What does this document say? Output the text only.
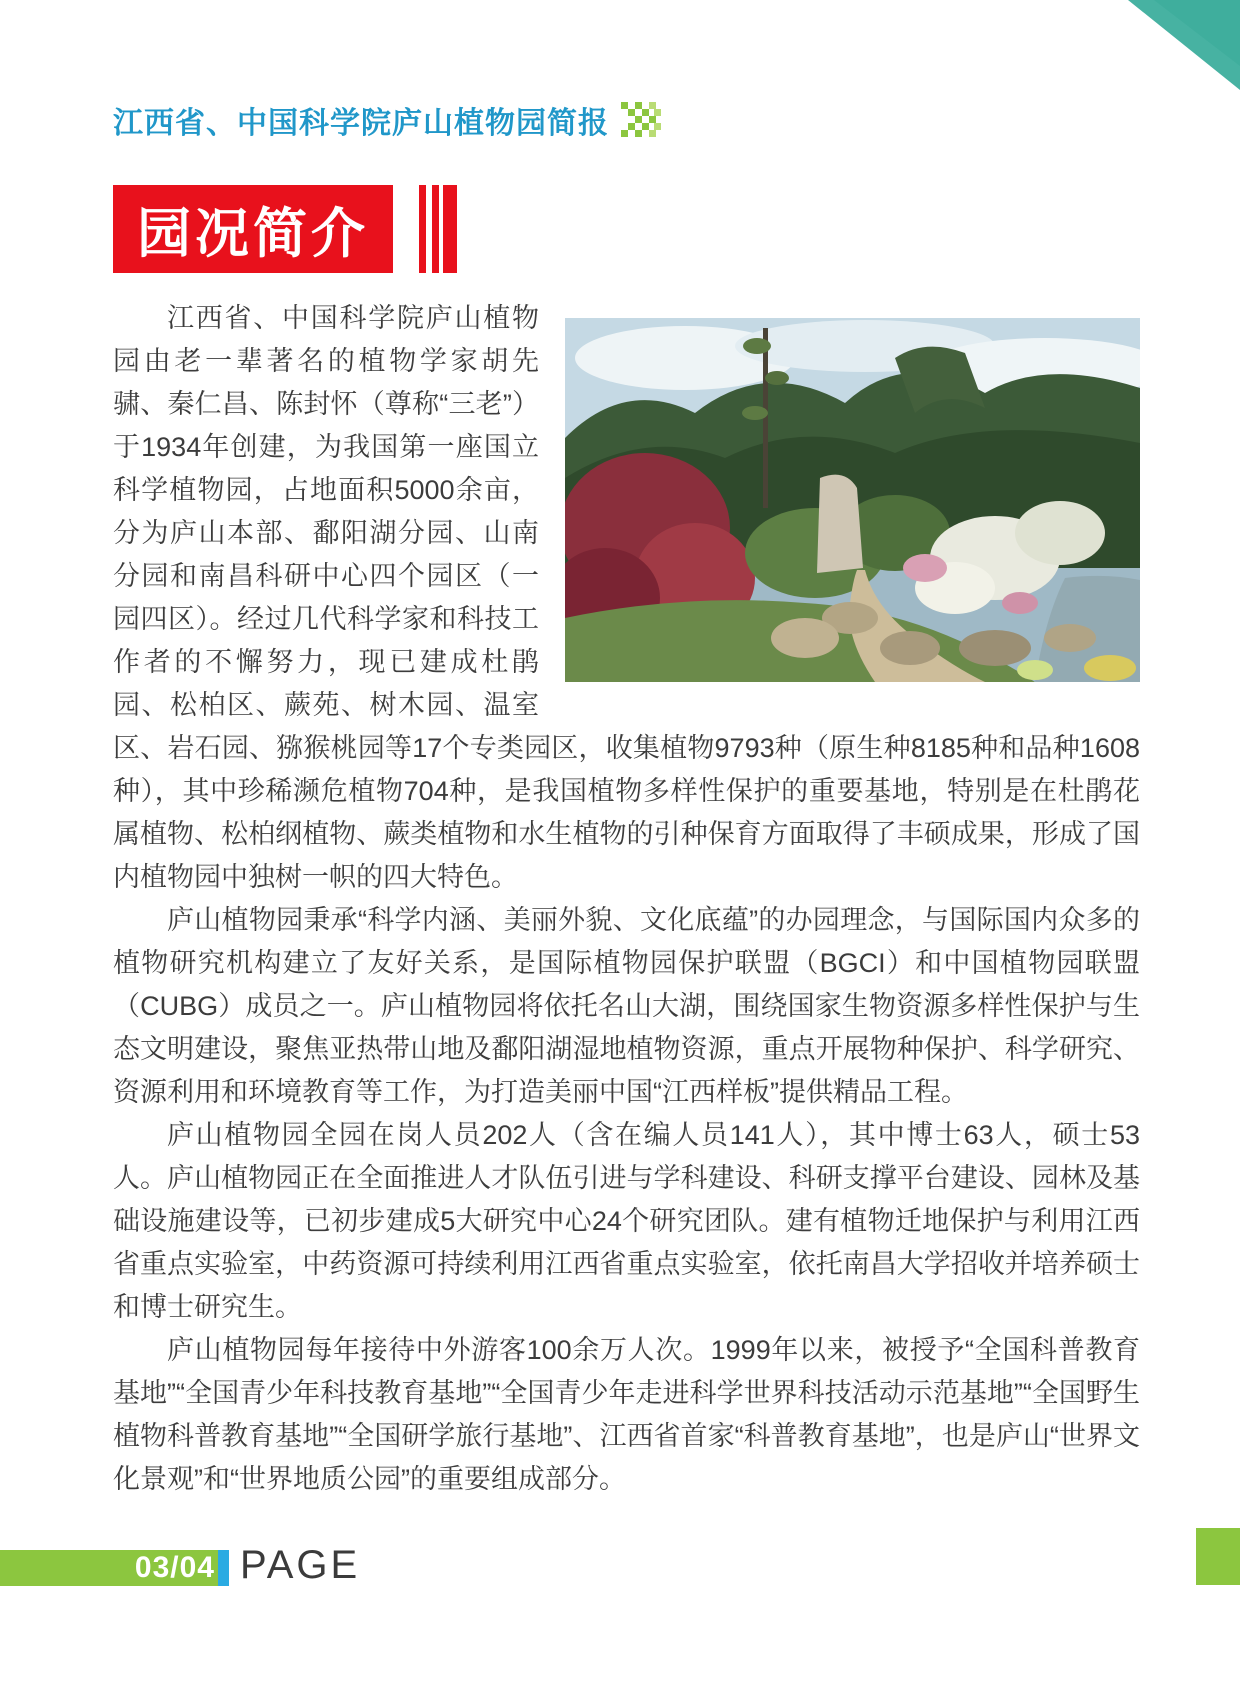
江西省、中国科学院庐山植物园简报
园况简介

江西省、中国科学院庐山植物园由老一辈著名的植物学家胡先骕、秦仁昌、陈封怀（尊称“三老”）于1934年创建，为我国第一座国立科学植物园，占地面积5000余亩，分为庐山本部、鄱阳湖分园、山南分园和南昌科研中心四个园区（一园四区）。经过几代科学家和科技工作者的不懈努力，现已建成杜鹃园、松柏区、蕨苑、树木园、温室区、岩石园、猕猴桃园等17个专类园区，收集植物9793种（原生种8185种和品种1608种），其中珍稀濒危植物704种，是我国植物多样性保护的重要基地，特别是在杜鹃花属植物、松柏纲植物、蕨类植物和水生植物的引种保育方面取得了丰硕成果，形成了国内植物园中独树一帜的四大特色。

庐山植物园秉承“科学内涵、美丽外貌、文化底蕴”的办园理念，与国际国内众多的植物研究机构建立了友好关系，是国际植物园保护联盟（BGCI）和中国植物园联盟（CUBG）成员之一。庐山植物园将依托名山大湖，围绕国家生物资源多样性保护与生态文明建设，聚焦亚热带山地及鄱阳湖湿地植物资源，重点开展物种保护、科学研究、资源利用和环境教育等工作，为打造美丽中国“江西样板”提供精品工程。

庐山植物园全园在岗人员202人（含在编人员141人），其中博士63人，硕士53人。庐山植物园正在全面推进人才队伍引进与学科建设、科研支撑平台建设、园林及基础设施建设等，已初步建成5大研究中心24个研究团队。建有植物迁地保护与利用江西省重点实验室，中药资源可持续利用江西省重点实验室，依托南昌大学招收并培养硕士和博士研究生。

庐山植物园每年接待中外游客100余万人次。1999年以来，被授予“全国科普教育基地”“全国青少年科技教育基地”“全国青少年走进科学世界科技活动示范基地”“全国野生植物科普教育基地”“全国研学旅行基地”、江西省首家“科普教育基地”，也是庐山“世界文化景观”和“世界地质公园”的重要组成部分。

03/04 PAGE
